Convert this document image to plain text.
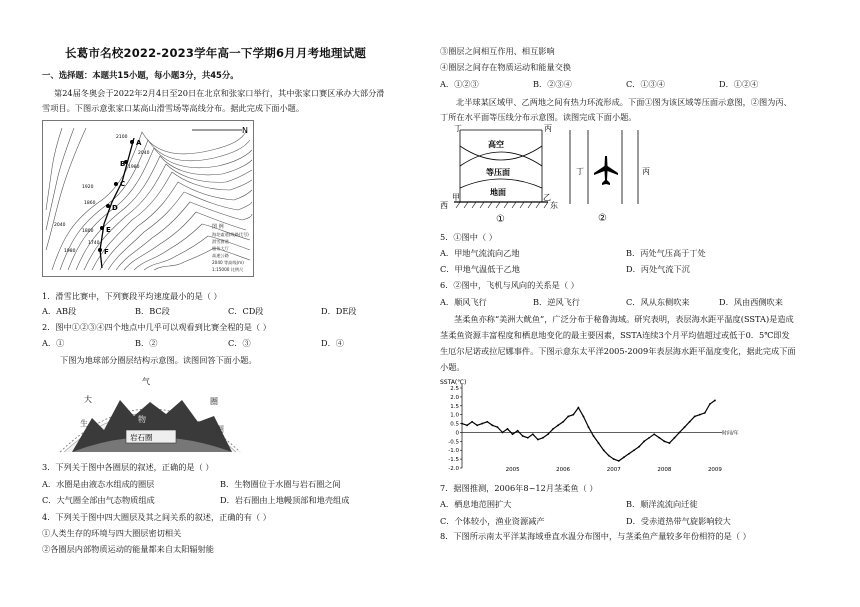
长葛市名校2022-2023学年高一下学期6月月考地理试题
一、选择题：本题共15小题，每小题3分，共45分。
第24届冬奥会于2022年2月4日至20日在北京和张家口举行，其中张家口赛区承办大部分滑
雪项目。下图示意张家口某高山滑雪场等高线分布。据此完成下面小题。
N
2100
2040
1980
1920
1860
1800
1740
2040
1980
A
B
C
D
E
F
图 例
海坨索道(线路代号)
滑雪赛道
服务大厅
高速公路
2040 等高线(m)
1:15000 比例尺
1．滑雪比赛中，下列赛段平均速度最小的是（ ）
A．AB段	B．BC段	C．CD段	D．DE段
2．图中①②③④四个地点中几乎可以观看到比赛全程的是（ ）
A．①	B．②	C．③	D．④
下图为地球部分圈层结构示意图。读图回答下面小题。
大
气
圈
生	物
圈
岩石圈
3．下列关于图中各圈层的叙述，正确的是（ ）
A．水圈是由液态水组成的圈层	B．生物圈位于水圈与岩石圈之间
C．大气圈全部由气态物质组成	D．岩石圈由上地幔顶部和地壳组成
4．下列关于图中四大圈层及其之间关系的叙述，正确的有（ ）
①人类生存的环境与四大圈层密切相关
②各圈层内部物质运动的能量都来自太阳辐射能
③圈层之间相互作用、相互影响
④圈层之间存在物质运动和能量交换
A．①②③	B．②③④	C．①③④	D．①②④
北半球某区域甲、乙两地之间有热力环流形成。下面①图为该区域等压面示意图，②图为丙、
丁所在水平面等压线分布示意图。读图完成下面小题。
丁	丙
高空
等压面
地面
甲	乙
西	东
①
丁	丙
②
5．①图中（ ）
A．甲地气流流向乙地	B．丙处气压高于丁处
C．甲地气温低于乙地	D．丙处气流下沉
6．②图中，飞机与风向的关系是（ ）
A．顺风飞行	B．逆风飞行	C．风从东侧吹来	D．风由西侧吹来
茎柔鱼亦称“美洲大鱿鱼”，广泛分布于秘鲁海域。研究表明，表层海水距平温度(SSTA)是造成
茎柔鱼资源丰富程度和栖息地变化的最主要因素，SSTA连续3个月平均值超过或低于0．5℃即发
生厄尔尼诺或拉尼娜事件。下图示意东太平洋2005-2009年表层海水距平温度变化，据此完成下面
小题。
SSTA(℃)
2.5
2.0
1.5
1.0
0.5
0
-0.5
-1.0
-1.5
-2.0	2005	2006	2007	2008	2009
时间/年
7．据图推测，2006年8~12月茎柔鱼（ ）
A．栖息地范围扩大	B．顺洋流流向迁徙
C．个体较小，渔业资源减产	D．受赤道热带气旋影响较大
8．下图所示南太平洋某海域垂直水温分布图中，与茎柔鱼产量较多年份相符的是（ ）
